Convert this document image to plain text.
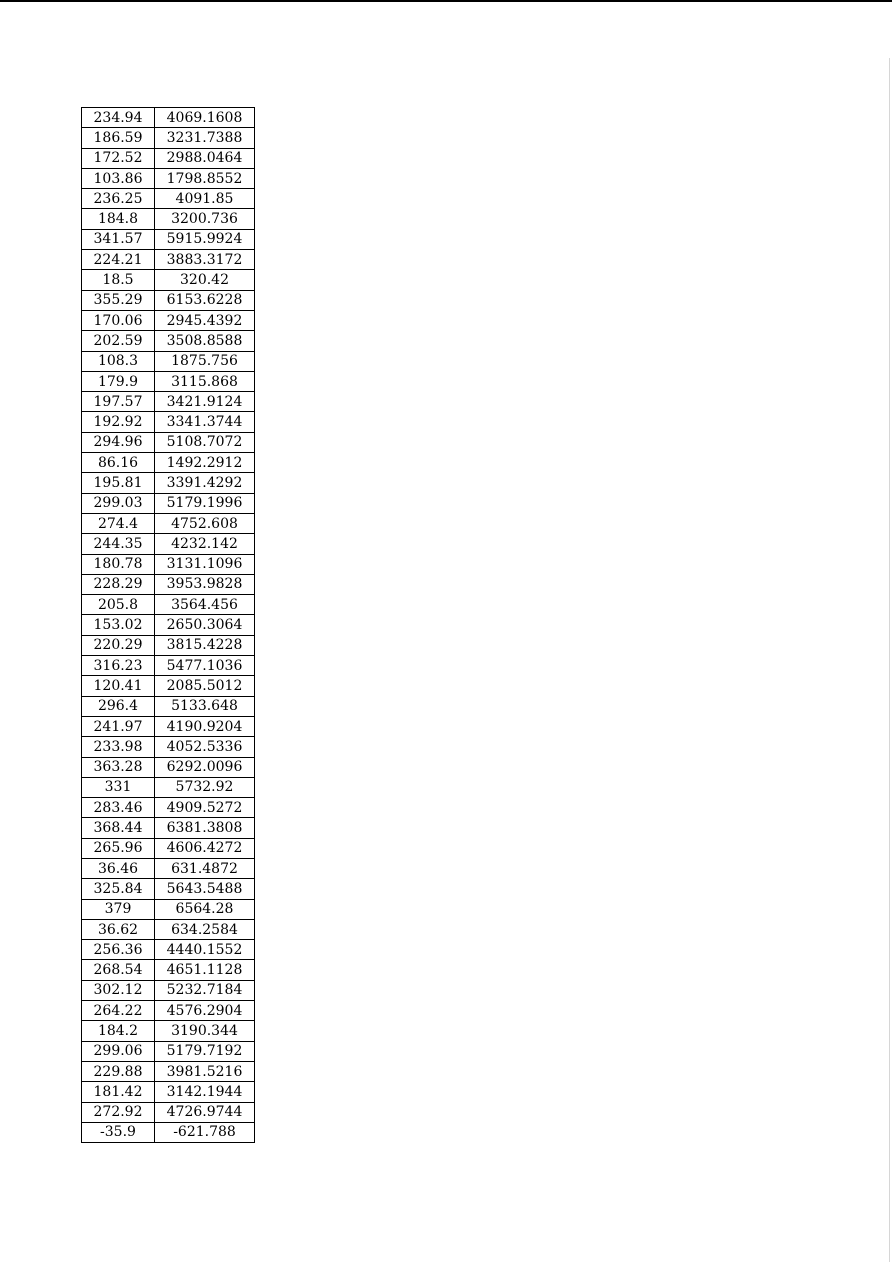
234.94	4069.1608
186.59	3231.7388
172.52	2988.0464
103.86	1798.8552
236.25	4091.85
184.8	3200.736
341.57	5915.9924
224.21	3883.3172
18.5	320.42
355.29	6153.6228
170.06	2945.4392
202.59	3508.8588
108.3	1875.756
179.9	3115.868
197.57	3421.9124
192.92	3341.3744
294.96	5108.7072
86.16	1492.2912
195.81	3391.4292
299.03	5179.1996
274.4	4752.608
244.35	4232.142
180.78	3131.1096
228.29	3953.9828
205.8	3564.456
153.02	2650.3064
220.29	3815.4228
316.23	5477.1036
120.41	2085.5012
296.4	5133.648
241.97	4190.9204
233.98	4052.5336
363.28	6292.0096
331	5732.92
283.46	4909.5272
368.44	6381.3808
265.96	4606.4272
36.46	631.4872
325.84	5643.5488
379	6564.28
36.62	634.2584
256.36	4440.1552
268.54	4651.1128
302.12	5232.7184
264.22	4576.2904
184.2	3190.344
299.06	5179.7192
229.88	3981.5216
181.42	3142.1944
272.92	4726.9744
-35.9	-621.788
